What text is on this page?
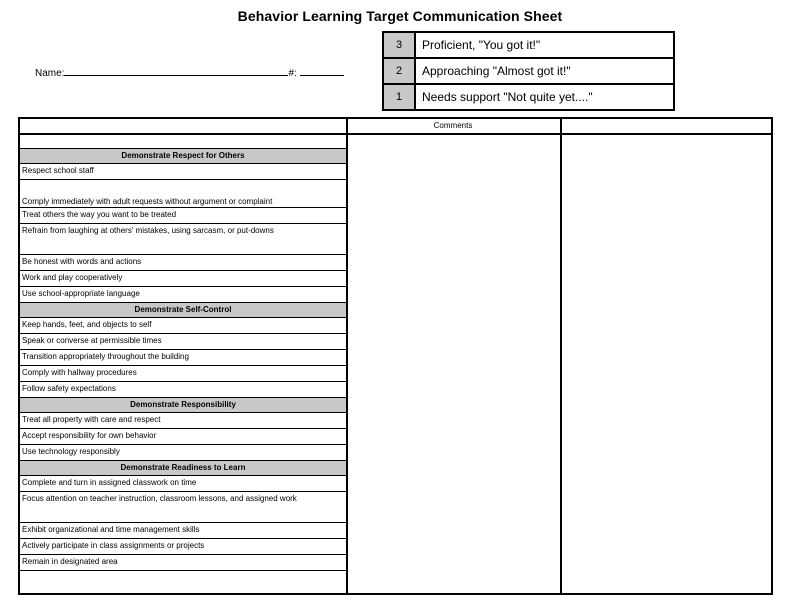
Behavior Learning Target Communication Sheet
Name:	#:
3	Proficient, "You got it!"
2	Approaching "Almost got it!"
1	Needs support "Not quite yet...."
Comments
Demonstrate Respect for Others
Respect school staff
Comply immediately with adult requests without argument or complaint
Treat others the way you want to be treated
Refrain from laughing at others' mistakes, using sarcasm, or put-downs
Be honest with words and actions
Work and play cooperatively
Use school-appropriate language
Demonstrate Self-Control
Keep hands, feet, and objects to self
Speak or converse at permissible times
Transition appropriately throughout the building
Comply with hallway procedures
Follow safety expectations
Demonstrate Responsibility
Treat all property with care and respect
Accept responsibility for own behavior
Use technology responsibly
Demonstrate Readiness to Learn
Complete and turn in assigned classwork on time
Focus attention on teacher instruction, classroom lessons, and assigned work
Exhibit organizational and time management skills
Actively participate in class assignments or projects
Remain in designated area
